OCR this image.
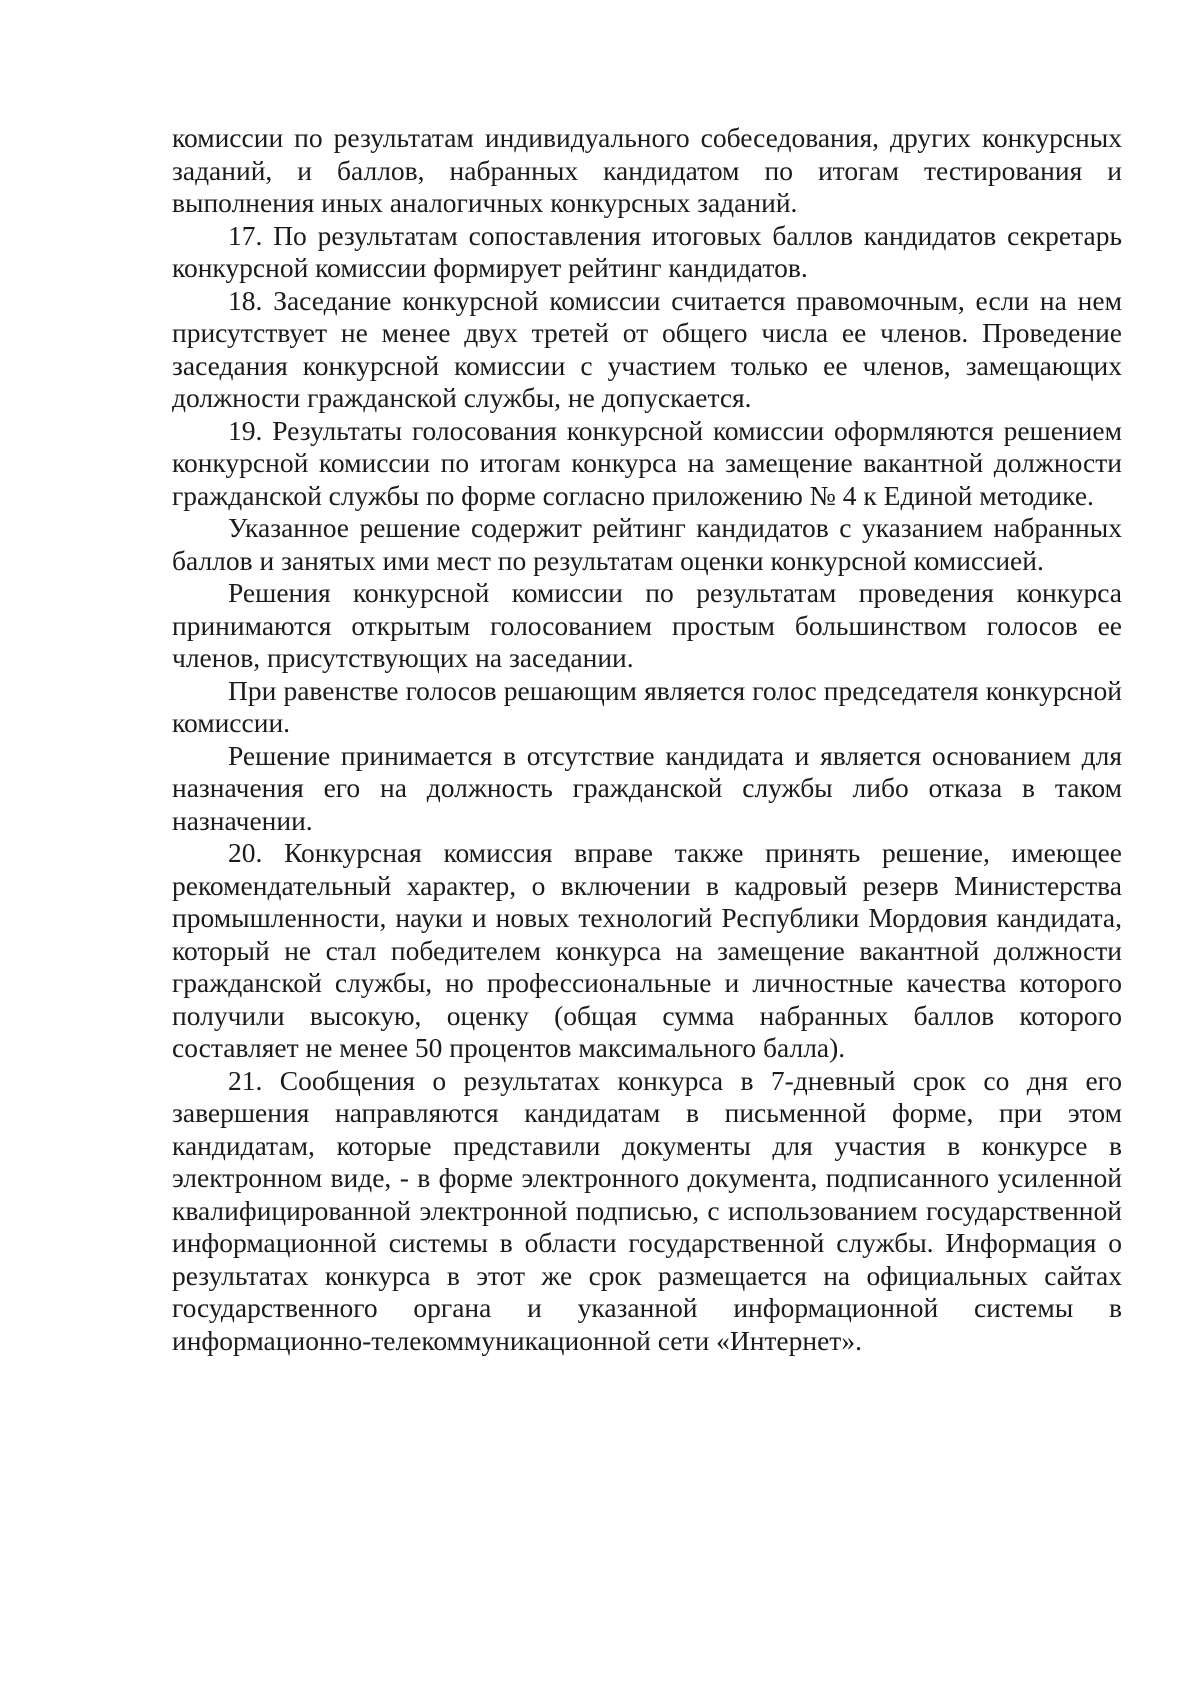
комиссии по результатам индивидуального собеседования, других конкурсных заданий, и баллов, набранных кандидатом по итогам тестирования и выполнения иных аналогичных конкурсных заданий.

17. По результатам сопоставления итоговых баллов кандидатов секретарь конкурсной комиссии формирует рейтинг кандидатов.

18. Заседание конкурсной комиссии считается правомочным, если на нем присутствует не менее двух третей от общего числа ее членов. Проведение заседания конкурсной комиссии с участием только ее членов, замещающих должности гражданской службы, не допускается.

19. Результаты голосования конкурсной комиссии оформляются решением конкурсной комиссии по итогам конкурса на замещение вакантной должности гражданской службы по форме согласно приложению № 4 к Единой методике.

Указанное решение содержит рейтинг кандидатов с указанием набранных баллов и занятых ими мест по результатам оценки конкурсной комиссией.

Решения конкурсной комиссии по результатам проведения конкурса принимаются открытым голосованием простым большинством голосов ее членов, присутствующих на заседании.

При равенстве голосов решающим является голос председателя конкурсной комиссии.

Решение принимается в отсутствие кандидата и является основанием для назначения его на должность гражданской службы либо отказа в таком назначении.

20. Конкурсная комиссия вправе также принять решение, имеющее рекомендательный характер, о включении в кадровый резерв Министерства промышленности, науки и новых технологий Республики Мордовия кандидата, который не стал победителем конкурса на замещение вакантной должности гражданской службы, но профессиональные и личностные качества которого получили высокую, оценку (общая сумма набранных баллов которого составляет не менее 50 процентов максимального балла).

21. Сообщения о результатах конкурса в 7-дневный срок со дня его завершения направляются кандидатам в письменной форме, при этом кандидатам, которые представили документы для участия в конкурсе в электронном виде, - в форме электронного документа, подписанного усиленной квалифицированной электронной подписью, с использованием государственной информационной системы в области государственной службы. Информация о результатах конкурса в этот же срок размещается на официальных сайтах государственного органа и указанной информационной системы в информационно-телекоммуникационной сети «Интернет».
